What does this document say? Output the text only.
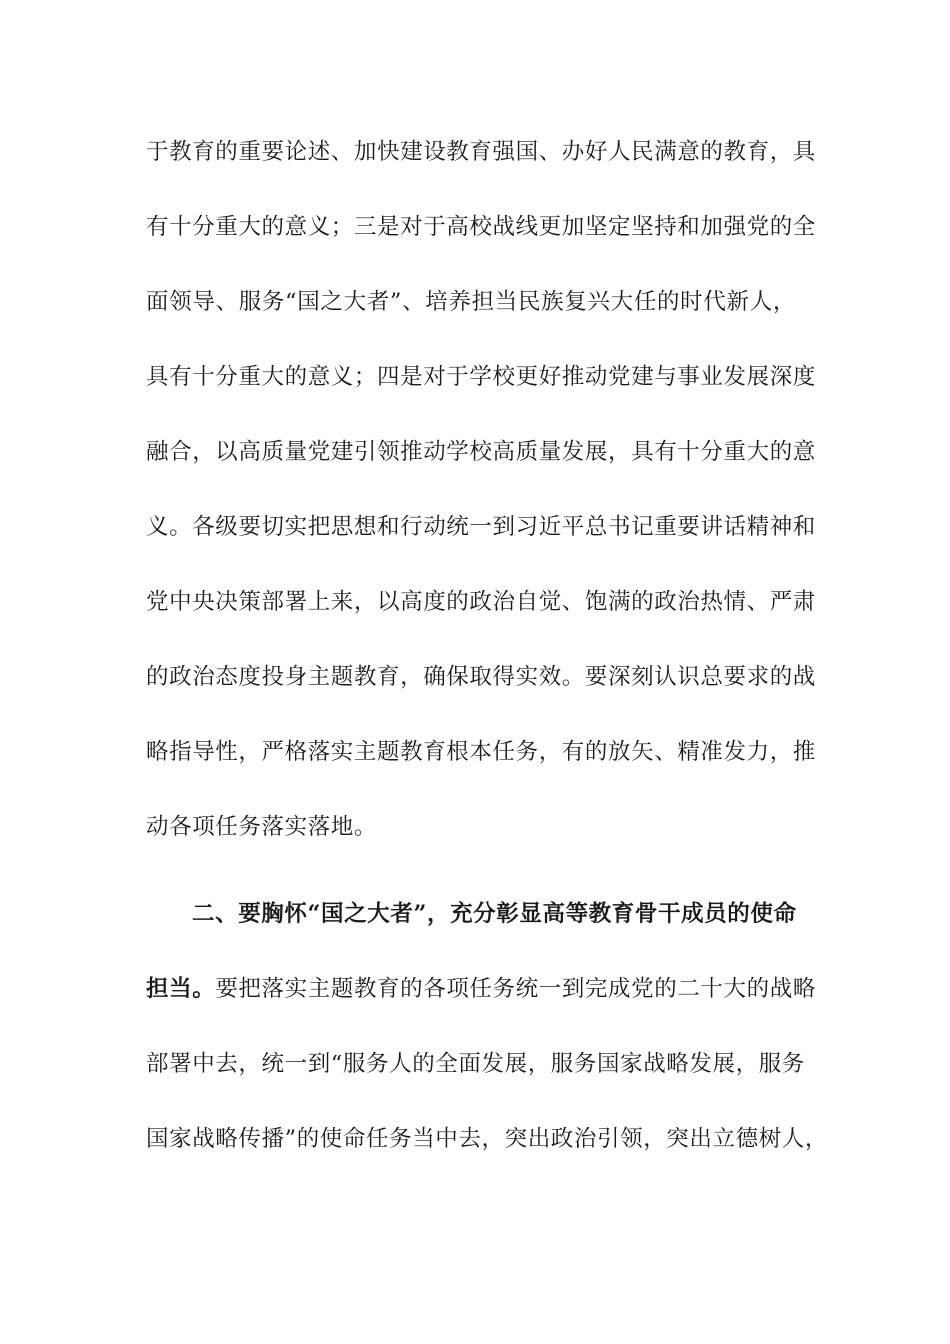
于教育的重要论述、加快建设教育强国、办好人民满意的教育，具
有十分重大的意义；三是对于高校战线更加坚定坚持和加强党的全
面领导、服务“国之大者”、培养担当民族复兴大任的时代新人，
具有十分重大的意义；四是对于学校更好推动党建与事业发展深度
融合，以高质量党建引领推动学校高质量发展，具有十分重大的意
义。各级要切实把思想和行动统一到习近平总书记重要讲话精神和
党中央决策部署上来，以高度的政治自觉、饱满的政治热情、严肃
的政治态度投身主题教育，确保取得实效。要深刻认识总要求的战
略指导性，严格落实主题教育根本任务，有的放矢、精准发力，推
动各项任务落实落地。
二、要胸怀“国之大者”，充分彰显高等教育骨干成员的使命
担当。要把落实主题教育的各项任务统一到完成党的二十大的战略
部署中去，统一到“服务人的全面发展，服务国家战略发展，服务
国家战略传播”的使命任务当中去，突出政治引领，突出立德树人，
